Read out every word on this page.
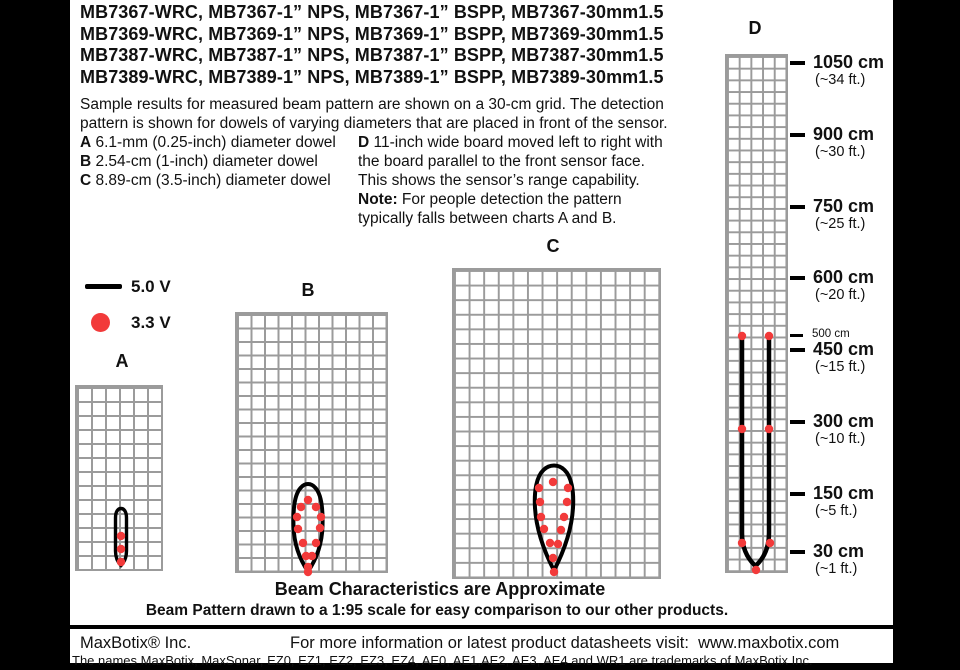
MB7367-WRC, MB7367-1” NPS, MB7367-1” BSPP, MB7367-30mm1.5
MB7369-WRC, MB7369-1” NPS, MB7369-1” BSPP, MB7369-30mm1.5
MB7387-WRC, MB7387-1” NPS, MB7387-1” BSPP, MB7387-30mm1.5
MB7389-WRC, MB7389-1” NPS, MB7389-1” BSPP, MB7389-30mm1.5
Sample results for measured beam pattern are shown on a 30-cm grid. The detection
pattern is shown for dowels of varying diameters that are placed in front of the sensor.
A 6.1-mm (0.25-inch) diameter dowel
B 2.54-cm (1-inch) diameter dowel
C 8.89-cm (3.5-inch) diameter dowel
D 11-inch wide board moved left to right with
the board parallel to the front sensor face.
This shows the sensor’s range capability.
Note: For people detection the pattern
typically falls between charts A and B.
5.0 V
3.3 V
A
B
C
D
1050 cm
(~34 ft.)
900 cm
(~30 ft.)
750 cm
(~25 ft.)
600 cm
(~20 ft.)
500 cm
450 cm
(~15 ft.)
300 cm
(~10 ft.)
150 cm
(~5 ft.)
30 cm
(~1 ft.)
Beam Characteristics are Approximate
Beam Pattern drawn to a 1:95 scale for easy comparison to our other products.
MaxBotix® Inc.	For more information or latest product datasheets visit:  www.maxbotix.com
The names MaxBotix, MaxSonar, EZ0, EZ1, EZ2, EZ3, EZ4, AE0, AE1,AE2, AE3, AE4 and WR1 are trademarks of MaxBotix Inc.
